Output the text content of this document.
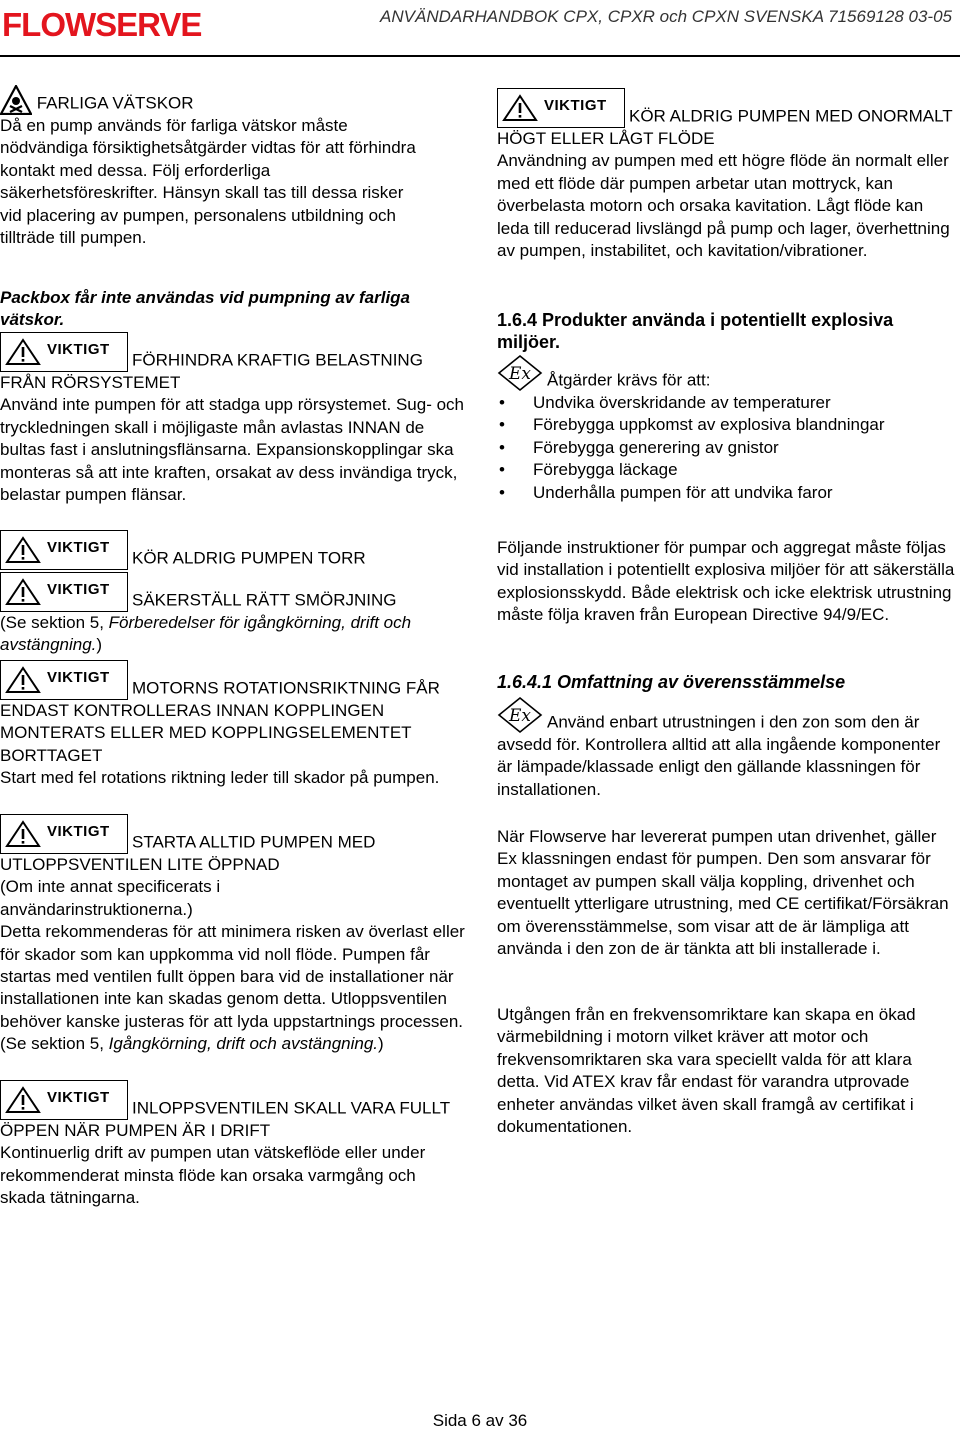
FLOWSERVE	ANVÄNDARHANDBOK CPX, CPXR och CPXN SVENSKA 71569128 03-05

FARLIGA VÄTSKOR

Då en pump används för farliga vätskor måste nödvändiga försiktighetsåtgärder vidtas för att förhindra kontakt med dessa. Följ erforderliga säkerhetsföreskrifter. Hänsyn skall tas till dessa risker vid placering av pumpen, personalens utbildning och tillträde till pumpen.

Packbox får inte användas vid pumpning av farliga vätskor.

VIKTIGT
FÖRHINDRA KRAFTIG BELASTNING FRÅN RÖRSYSTEMET

Använd inte pumpen för att stadga upp rörsystemet. Sug- och tryckledningen skall i möjligaste mån avlastas INNAN de bultas fast i anslutningsflänsarna. Expansionskopplingar ska monteras så att inte kraften, orsakat av dess invändiga tryck, belastar pumpen flänsar.

VIKTIGT
KÖR ALDRIG PUMPEN TORR

VIKTIGT
SÄKERSTÄLL RÄTT SMÖRJNING

(Se sektion 5, Förberedelser för igångkörning, drift och avstängning.)

VIKTIGT
MOTORNS ROTATIONSRIKTNING FÅR ENDAST KONTROLLERAS INNAN KOPPLINGEN MONTERATS ELLER MED KOPPLINGSELEMENTET BORTTAGET

Start med fel rotations riktning leder till skador på pumpen.

VIKTIGT
STARTA ALLTID PUMPEN MED UTLOPPSVENTILEN LITE ÖPPNAD

(Om inte annat specificerats i användarinstruktionerna.)

Detta rekommenderas för att minimera risken av överlast eller för skador som kan uppkomma vid noll flöde. Pumpen får startas med ventilen fullt öppen bara vid de installationer när installationen inte kan skadas genom detta. Utloppsventilen behöver kanske justeras för att lyda uppstartnings processen.

(Se sektion 5, Igångkörning, drift och avstängning.)

VIKTIGT
INLOPPSVENTILEN SKALL VARA FULLT ÖPPEN NÄR PUMPEN ÄR I DRIFT

Kontinuerlig drift av pumpen utan vätskeflöde eller under rekommenderat minsta flöde kan orsaka varmgång och skada tätningarna.

VIKTIGT
KÖR ALDRIG PUMPEN MED ONORMALT HÖGT ELLER LÅGT FLÖDE

Användning av pumpen med ett högre flöde än normalt eller med ett flöde där pumpen arbetar utan mottryck, kan överbelasta motorn och orsaka kavitation. Lågt flöde kan leda till reducerad livslängd på pump och lager, överhettning av pumpen, instabilitet, och kavitation/vibrationer.

1.6.4 Produkter använda i potentiellt explosiva miljöer.

Ex Åtgärder krävs för att:

• Undvika överskridande av temperaturer
• Förebygga uppkomst av explosiva blandningar
• Förebygga generering av gnistor
• Förebygga läckage
• Underhålla pumpen för att undvika faror

Följande instruktioner för pumpar och aggregat måste följas vid installation i potentiellt explosiva miljöer för att säkerställa explosionsskydd. Både elektrisk och icke elektrisk utrustning måste följa kraven från European Directive 94/9/EC.

1.6.4.1 Omfattning av överensstämmelse

Ex Använd enbart utrustningen i den zon som den är avsedd för. Kontrollera alltid att alla ingående komponenter är lämpade/klassade enligt den gällande klassningen för installationen.

När Flowserve har levererat pumpen utan drivenhet, gäller Ex klassningen endast för pumpen. Den som ansvarar för montaget av pumpen skall välja koppling, drivenhet och eventuellt ytterligare utrustning, med CE certifikat/Försäkran om överensstämmelse, som visar att de är lämpliga att använda i den zon de är tänkta att bli installerade i.

Utgången från en frekvensomriktare kan skapa en ökad värmebildning i motorn vilket kräver att motor och frekvensomriktaren ska vara speciellt valda för att klara detta. Vid ATEX krav får endast för varandra utprovade enheter användas vilket även skall framgå av certifikat i dokumentationen.

Sida 6 av 36
